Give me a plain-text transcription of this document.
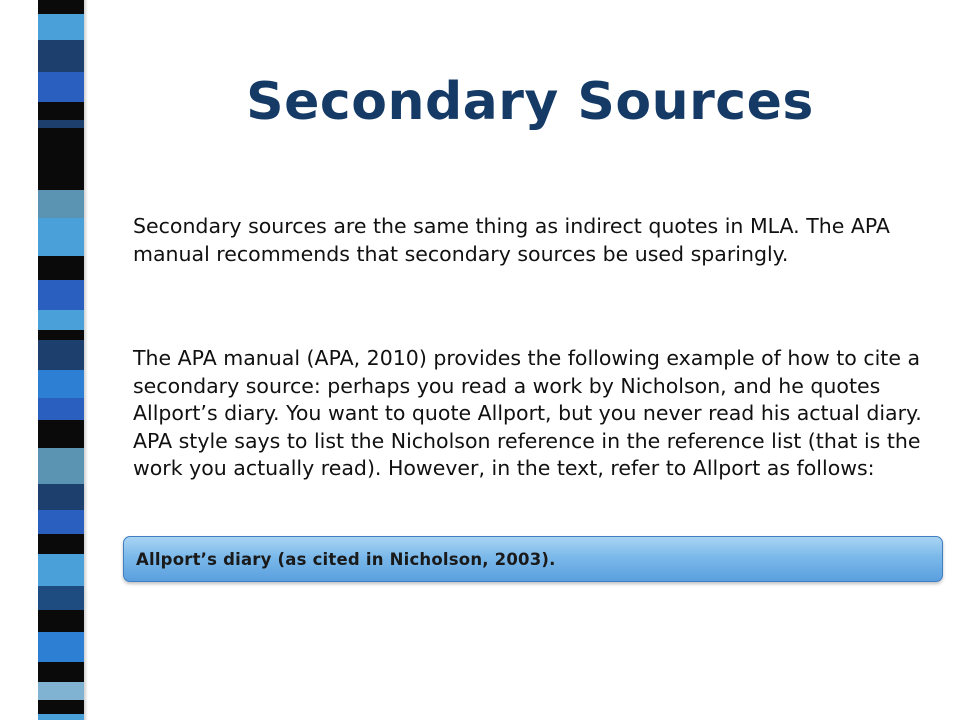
Secondary Sources

Secondary sources are the same thing as indirect quotes in MLA. The APA manual recommends that secondary sources be used sparingly.

The APA manual (APA, 2010) provides the following example of how to cite a secondary source: perhaps you read a work by Nicholson, and he quotes Allport’s diary. You want to quote Allport, but you never read his actual diary. APA style says to list the Nicholson reference in the reference list (that is the work you actually read). However, in the text, refer to Allport as follows:

Allport’s diary (as cited in Nicholson, 2003).
